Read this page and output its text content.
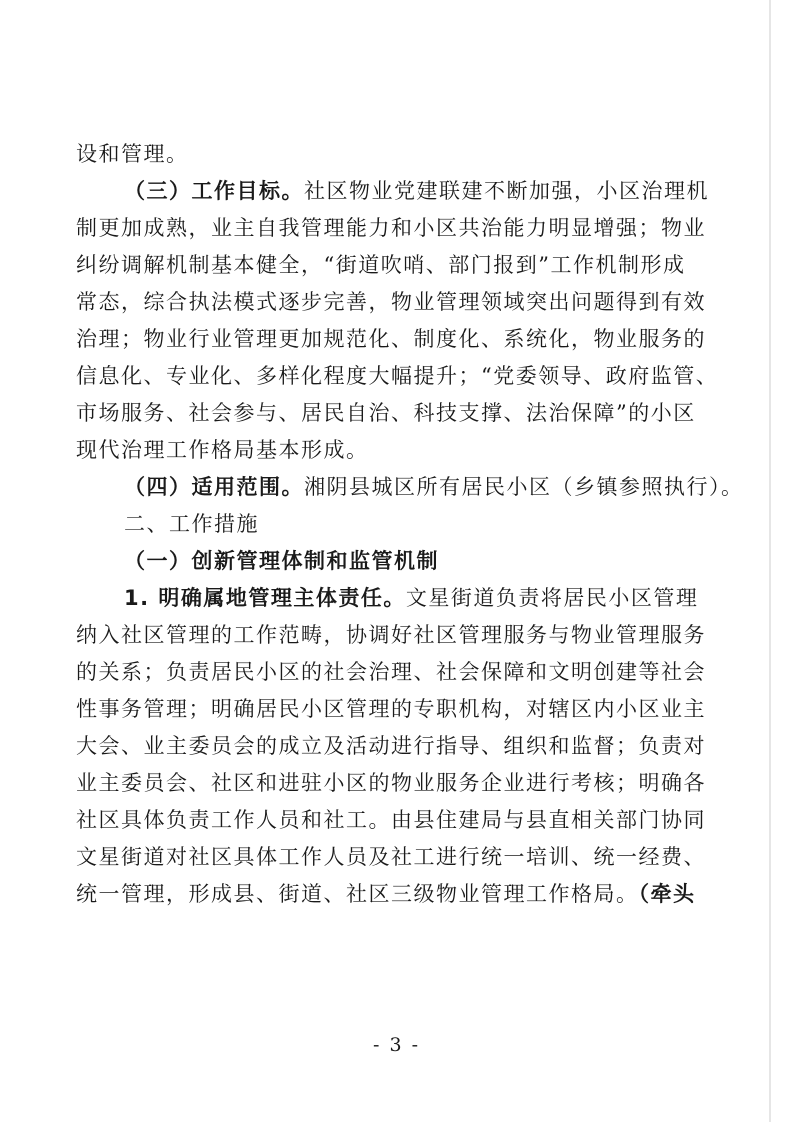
设和管理。
（三）工作目标。社区物业党建联建不断加强，小区治理机
制更加成熟，业主自我管理能力和小区共治能力明显增强；物业
纠纷调解机制基本健全，“街道吹哨、部门报到”工作机制形成
常态，综合执法模式逐步完善，物业管理领域突出问题得到有效
治理；物业行业管理更加规范化、制度化、系统化，物业服务的
信息化、专业化、多样化程度大幅提升；“党委领导、政府监管、
市场服务、社会参与、居民自治、科技支撑、法治保障”的小区
现代治理工作格局基本形成。
（四）适用范围。湘阴县城区所有居民小区（乡镇参照执行）。
二、工作措施
（一）创新管理体制和监管机制
1. 明确属地管理主体责任。文星街道负责将居民小区管理
纳入社区管理的工作范畴，协调好社区管理服务与物业管理服务
的关系；负责居民小区的社会治理、社会保障和文明创建等社会
性事务管理；明确居民小区管理的专职机构，对辖区内小区业主
大会、业主委员会的成立及活动进行指导、组织和监督；负责对
业主委员会、社区和进驻小区的物业服务企业进行考核；明确各
社区具体负责工作人员和社工。由县住建局与县直相关部门协同
文星街道对社区具体工作人员及社工进行统一培训、统一经费、
统一管理，形成县、街道、社区三级物业管理工作格局。（牵头
- 3 -
